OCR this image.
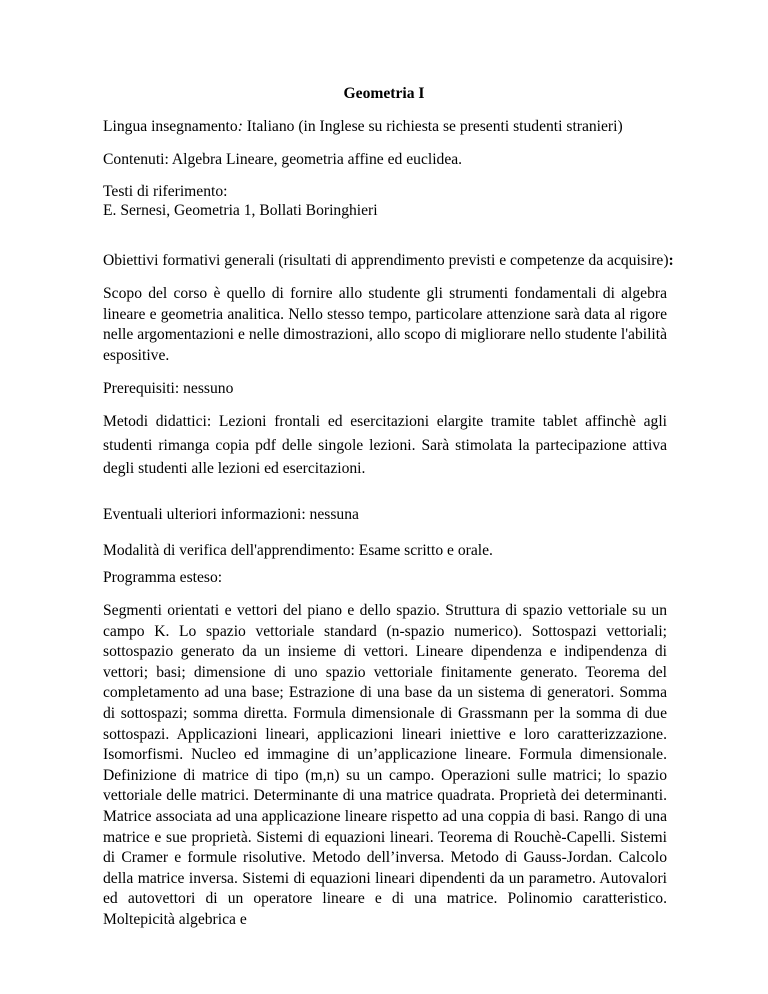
Geometria I
Lingua insegnamento: Italiano (in Inglese su richiesta se presenti studenti stranieri)
Contenuti: Algebra Lineare, geometria affine ed euclidea.
Testi di riferimento:
E. Sernesi, Geometria 1, Bollati Boringhieri
Obiettivi formativi generali (risultati di apprendimento previsti e competenze da acquisire):
Scopo del corso è quello di fornire allo studente gli strumenti fondamentali di algebra lineare e geometria analitica. Nello stesso tempo, particolare attenzione sarà data al rigore nelle argomentazioni e nelle dimostrazioni, allo scopo di migliorare nello studente l'abilità espositive.
Prerequisiti: nessuno
Metodi didattici: Lezioni frontali ed esercitazioni elargite tramite tablet affinchè agli studenti rimanga copia pdf delle singole lezioni. Sarà stimolata la partecipazione attiva degli studenti alle lezioni ed esercitazioni.
Eventuali ulteriori informazioni: nessuna
Modalità di verifica dell'apprendimento: Esame scritto e orale.
Programma esteso:
Segmenti orientati e vettori del piano e dello spazio. Struttura di spazio vettoriale su un campo K. Lo spazio vettoriale standard (n-spazio numerico). Sottospazi vettoriali; sottospazio generato da un insieme di vettori. Lineare dipendenza e indipendenza di vettori; basi; dimensione di uno spazio vettoriale finitamente generato. Teorema del completamento ad una base; Estrazione di una base da un sistema di generatori. Somma di sottospazi; somma diretta. Formula dimensionale di Grassmann per la somma di due sottospazi. Applicazioni lineari, applicazioni lineari iniettive e loro caratterizzazione. Isomorfismi. Nucleo ed immagine di un’applicazione lineare. Formula dimensionale. Definizione di matrice di tipo (m,n) su un campo. Operazioni sulle matrici; lo spazio vettoriale delle matrici. Determinante di una matrice quadrata. Proprietà dei determinanti. Matrice associata ad una applicazione lineare rispetto ad una coppia di basi. Rango di una matrice e sue proprietà. Sistemi di equazioni lineari. Teorema di Rouchè-Capelli. Sistemi di Cramer e formule risolutive. Metodo dell’inversa. Metodo di Gauss-Jordan. Calcolo della matrice inversa. Sistemi di equazioni lineari dipendenti da un parametro. Autovalori ed autovettori di un operatore lineare e di una matrice. Polinomio caratteristico. Moltepicità algebrica e
